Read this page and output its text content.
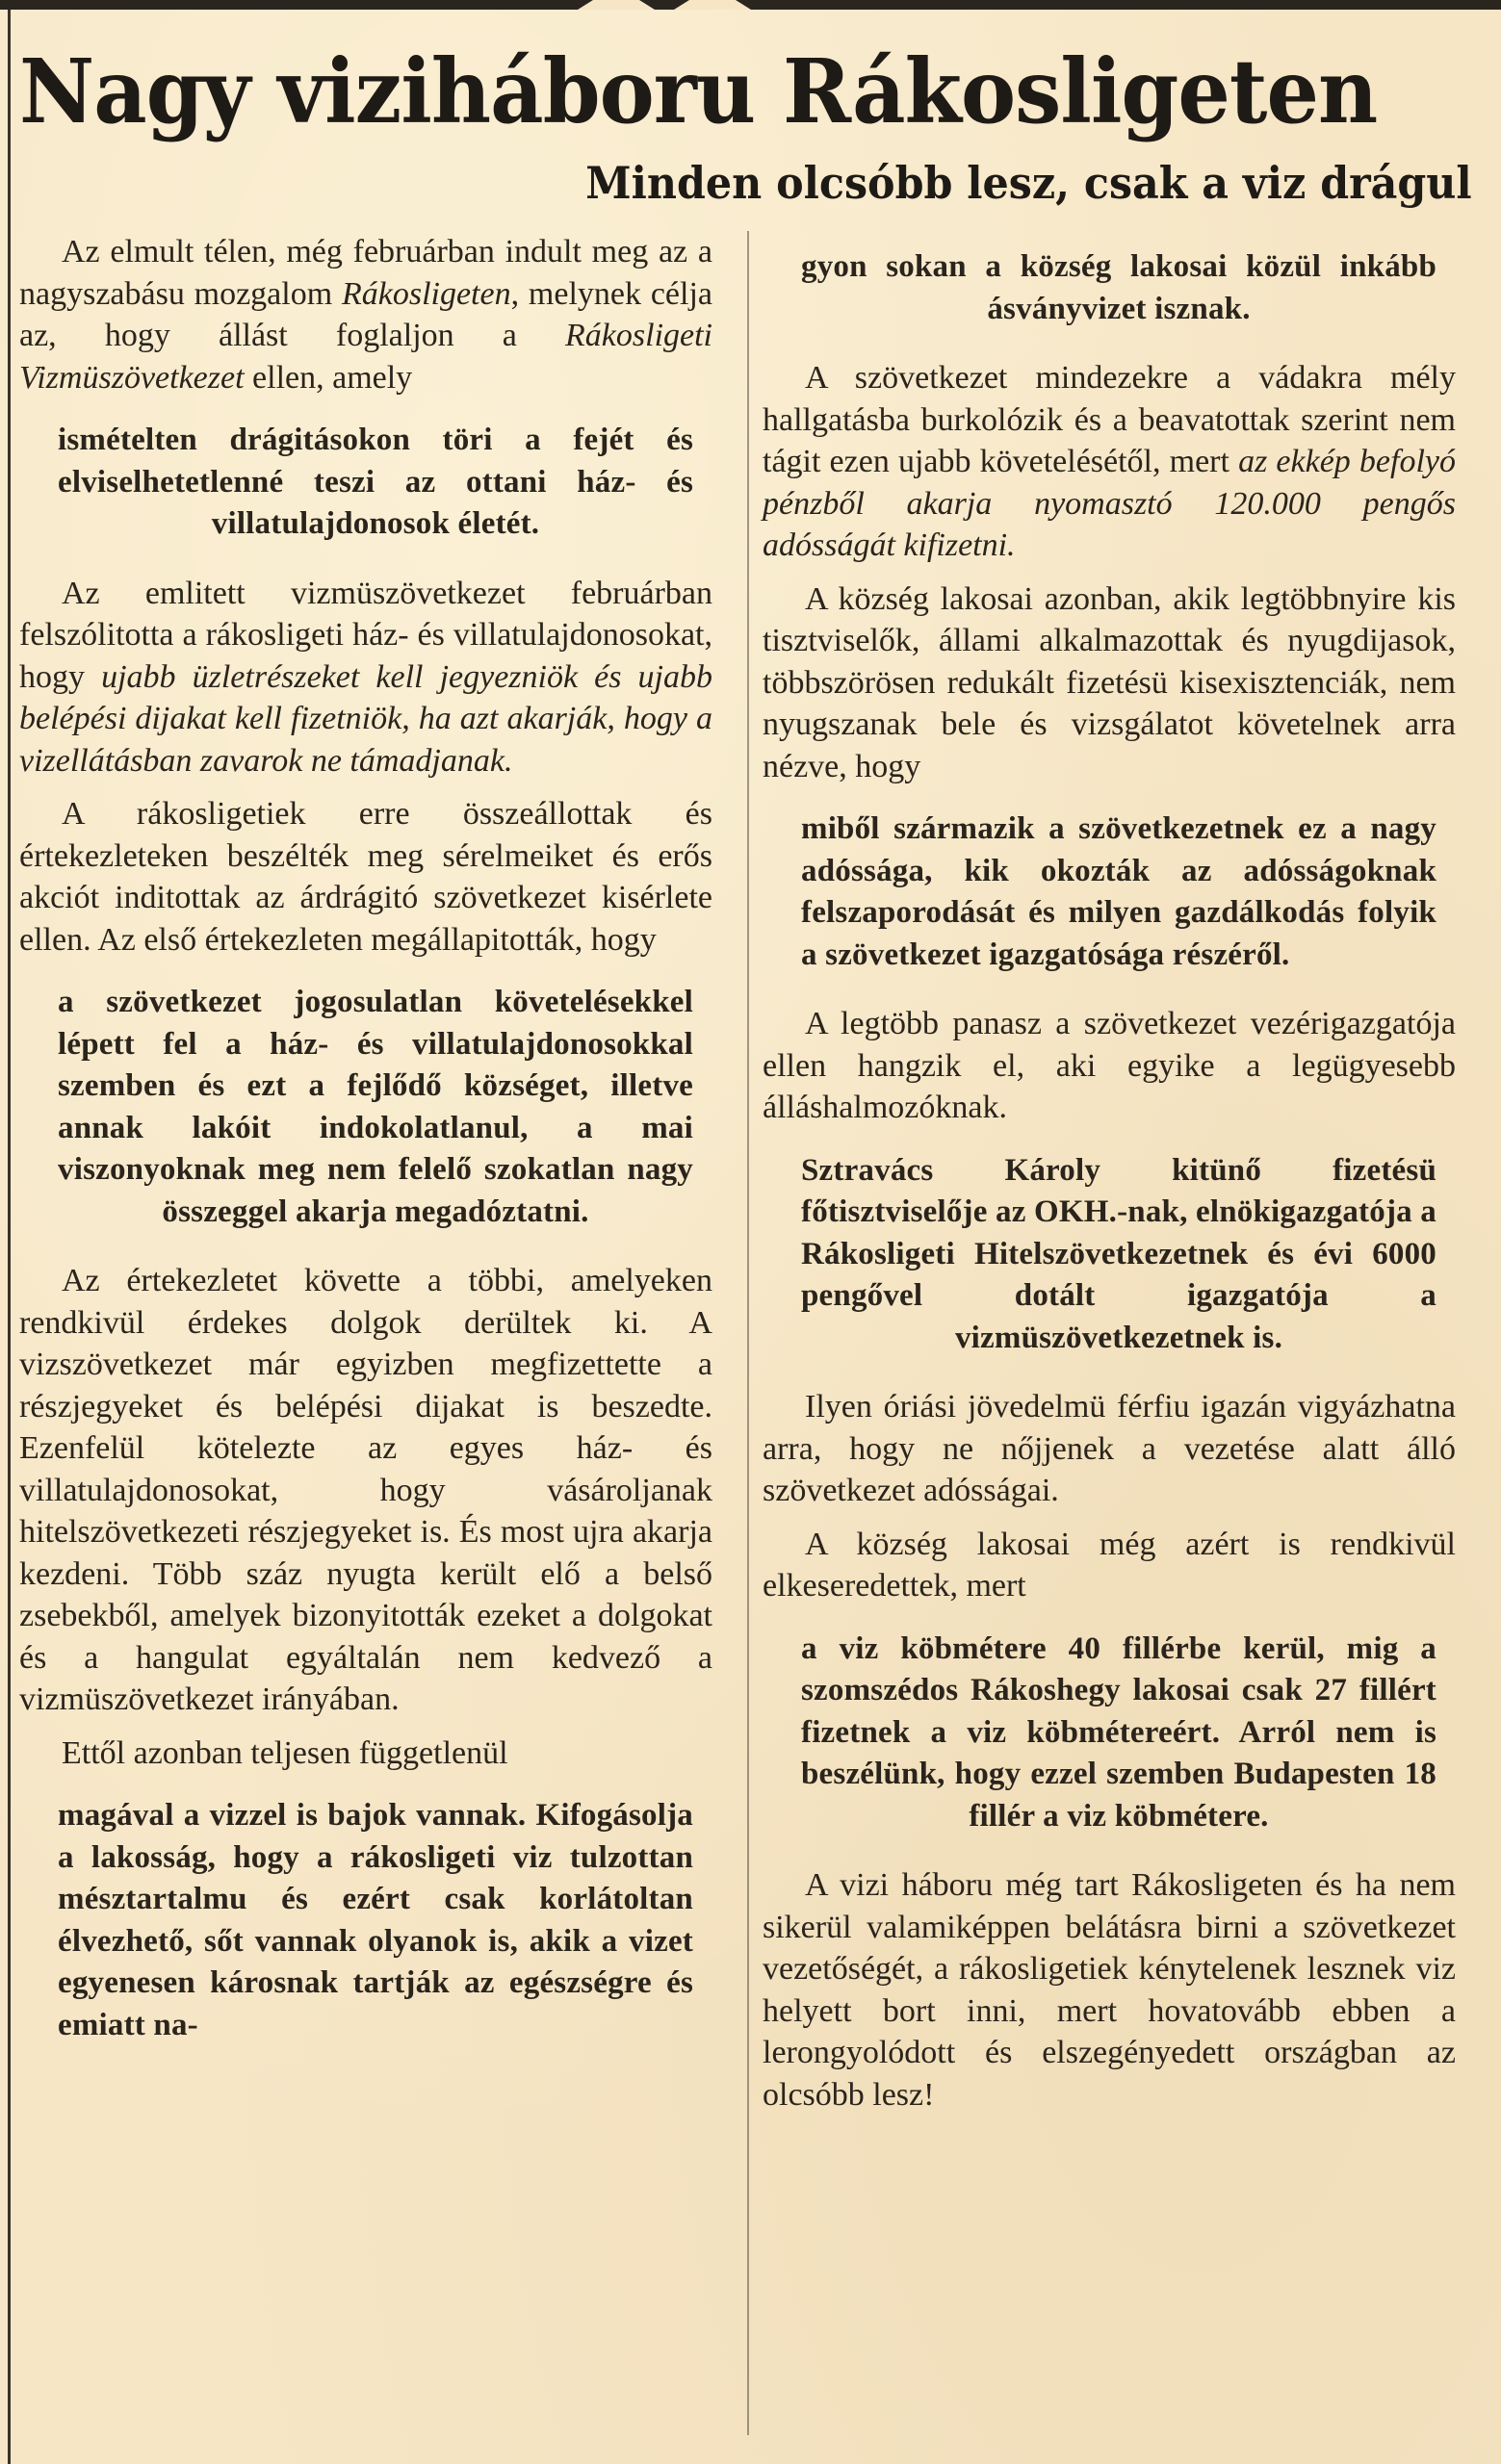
Nagy viziháboru Rákosligeten
Minden olcsóbb lesz, csak a viz drágul

Az elmult télen, még februárban indult meg az a nagyszabásu mozgalom Rákosligeten, melynek célja az, hogy állást foglaljon a Rákosligeti Vizmüszövetkezet ellen, amely

ismételten drágitásokon töri a fejét és elviselhetetlenné teszi az ottani ház- és villatulajdonosok életét.

Az emlitett vizmüszövetkezet februárban felszólitotta a rákosligeti ház- és villatulajdonosokat, hogy ujabb üzletrészeket kell jegyezniök és ujabb belépési dijakat kell fizetniök, ha azt akarják, hogy a vizellátásban zavarok ne támadjanak.

A rákosligetiek erre összeállottak és értekezleteken beszélték meg sérelmeiket és erős akciót inditottak az árdrágitó szövetkezet kisérlete ellen. Az első értekezleten megállapitották, hogy

a szövetkezet jogosulatlan követelésekkel lépett fel a ház- és villatulajdonosokkal szemben és ezt a fejlődő községet, illetve annak lakóit indokolatlanul, a mai viszonyoknak meg nem felelő szokatlan nagy összeggel akarja megadóztatni.

Az értekezletet követte a többi, amelyeken rendkivül érdekes dolgok derültek ki. A vizszövetkezet már egyizben megfizettette a részjegyeket és belépési dijakat is beszedte. Ezenfelül kötelezte az egyes ház- és villatulajdonosokat, hogy vásároljanak hitelszövetkezeti részjegyeket is. És most ujra akarja kezdeni. Több száz nyugta került elő a belső zsebekből, amelyek bizonyitották ezeket a dolgokat és a hangulat egyáltalán nem kedvező a vizmüszövetkezet irányában.

Ettől azonban teljesen függetlenül

magával a vizzel is bajok vannak. Kifogásolja a lakosság, hogy a rákosligeti viz tulzottan mésztartalmu és ezért csak korlátoltan élvezhető, sőt vannak olyanok is, akik a vizet egyenesen károsnak tartják az egészségre és emiatt na-

gyon sokan a község lakosai közül inkább ásványvizet isznak.

A szövetkezet mindezekre a vádakra mély hallgatásba burkolózik és a beavatottak szerint nem tágit ezen ujabb követelésétől, mert az ekkép befolyó pénzből akarja nyomasztó 120.000 pengős adósságát kifizetni.

A község lakosai azonban, akik legtöbbnyire kis tisztviselők, állami alkalmazottak és nyugdijasok, többszörösen redukált fizetésü kisexisztenciák, nem nyugszanak bele és vizsgálatot követelnek arra nézve, hogy

miből származik a szövetkezetnek ez a nagy adóssága, kik okozták az adósságoknak felszaporodását és milyen gazdálkodás folyik a szövetkezet igazgatósága részéről.

A legtöbb panasz a szövetkezet vezérigazgatója ellen hangzik el, aki egyike a legügyesebb álláshalmozóknak.

Sztravács Károly kitünő fizetésü főtisztviselője az OKH.-nak, elnökigazgatója a Rákosligeti Hitelszövetkezetnek és évi 6000 pengővel dotált igazgatója a vizmüszövetkezetnek is.

Ilyen óriási jövedelmü férfiu igazán vigyázhatna arra, hogy ne nőjjenek a vezetése alatt álló szövetkezet adósságai.

A község lakosai még azért is rendkivül elkeseredettek, mert

a viz köbmétere 40 fillérbe kerül, mig a szomszédos Rákoshegy lakosai csak 27 fillért fizetnek a viz köbmétereért. Arról nem is beszélünk, hogy ezzel szemben Budapesten 18 fillér a viz köbmétere.

A vizi háboru még tart Rákosligeten és ha nem sikerül valamiképpen belátásra birni a szövetkezet vezetőségét, a rákosligetiek kénytelenek lesznek viz helyett bort inni, mert hovatovább ebben a lerongyolódott és elszegényedett országban az olcsóbb lesz!
